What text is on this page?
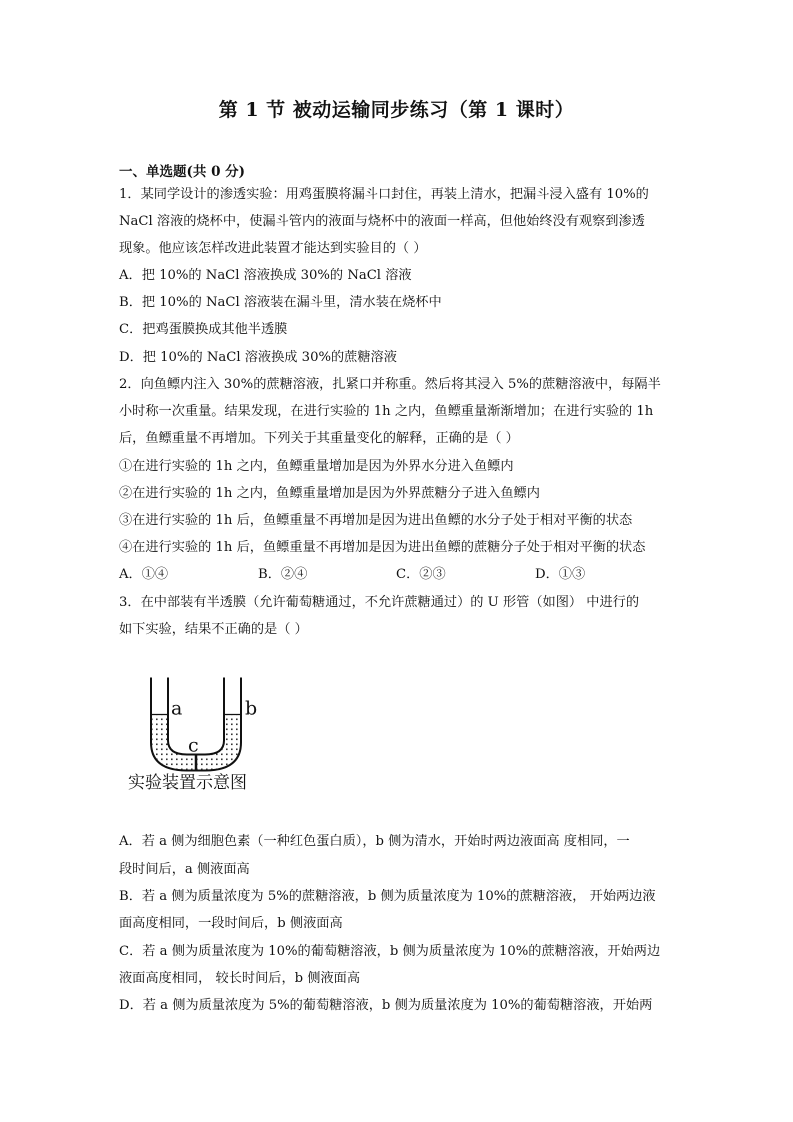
第 1 节 被动运输同步练习（第 1 课时）
一、单选题(共 0 分)
1．某同学设计的渗透实验：用鸡蛋膜将漏斗口封住，再装上清水，把漏斗浸入盛有 10%的
NaCl 溶液的烧杯中，使漏斗管内的液面与烧杯中的液面一样高，但他始终没有观察到渗透
现象。他应该怎样改进此装置才能达到实验目的（ ）
A．把 10%的 NaCl 溶液换成 30%的 NaCl 溶液
B．把 10%的 NaCl 溶液装在漏斗里，清水装在烧杯中
C．把鸡蛋膜换成其他半透膜
D．把 10%的 NaCl 溶液换成 30%的蔗糖溶液
2．向鱼鳔内注入 30%的蔗糖溶液，扎紧口并称重。然后将其浸入 5%的蔗糖溶液中，每隔半
小时称一次重量。结果发现，在进行实验的 1h 之内，鱼鳔重量渐渐增加；在进行实验的 1h
后，鱼鳔重量不再增加。下列关于其重量变化的解释，正确的是（ ）
①在进行实验的 1h 之内，鱼鳔重量增加是因为外界水分进入鱼鳔内
②在进行实验的 1h 之内，鱼鳔重量增加是因为外界蔗糖分子进入鱼鳔内
③在进行实验的 1h 后，鱼鳔重量不再增加是因为进出鱼鳔的水分子处于相对平衡的状态
④在进行实验的 1h 后，鱼鳔重量不再增加是因为进出鱼鳔的蔗糖分子处于相对平衡的状态
A．①④	B．②④	C．②③	D．①③
3．在中部装有半透膜（允许葡萄糖通过，不允许蔗糖通过）的 U 形管（如图） 中进行的
如下实验，结果不正确的是（ ）
a	b
c
实验装置示意图
A．若 a 侧为细胞色素（一种红色蛋白质），b 侧为清水，开始时两边液面高 度相同，一
段时间后，a 侧液面高
B．若 a 侧为质量浓度为 5%的蔗糖溶液，b 侧为质量浓度为 10%的蔗糖溶液， 开始两边液
面高度相同，一段时间后，b 侧液面高
C．若 a 侧为质量浓度为 10%的葡萄糖溶液，b 侧为质量浓度为 10%的蔗糖溶液，开始两边
液面高度相同， 较长时间后，b 侧液面高
D．若 a 侧为质量浓度为 5%的葡萄糖溶液，b 侧为质量浓度为 10%的葡萄糖溶液，开始两
